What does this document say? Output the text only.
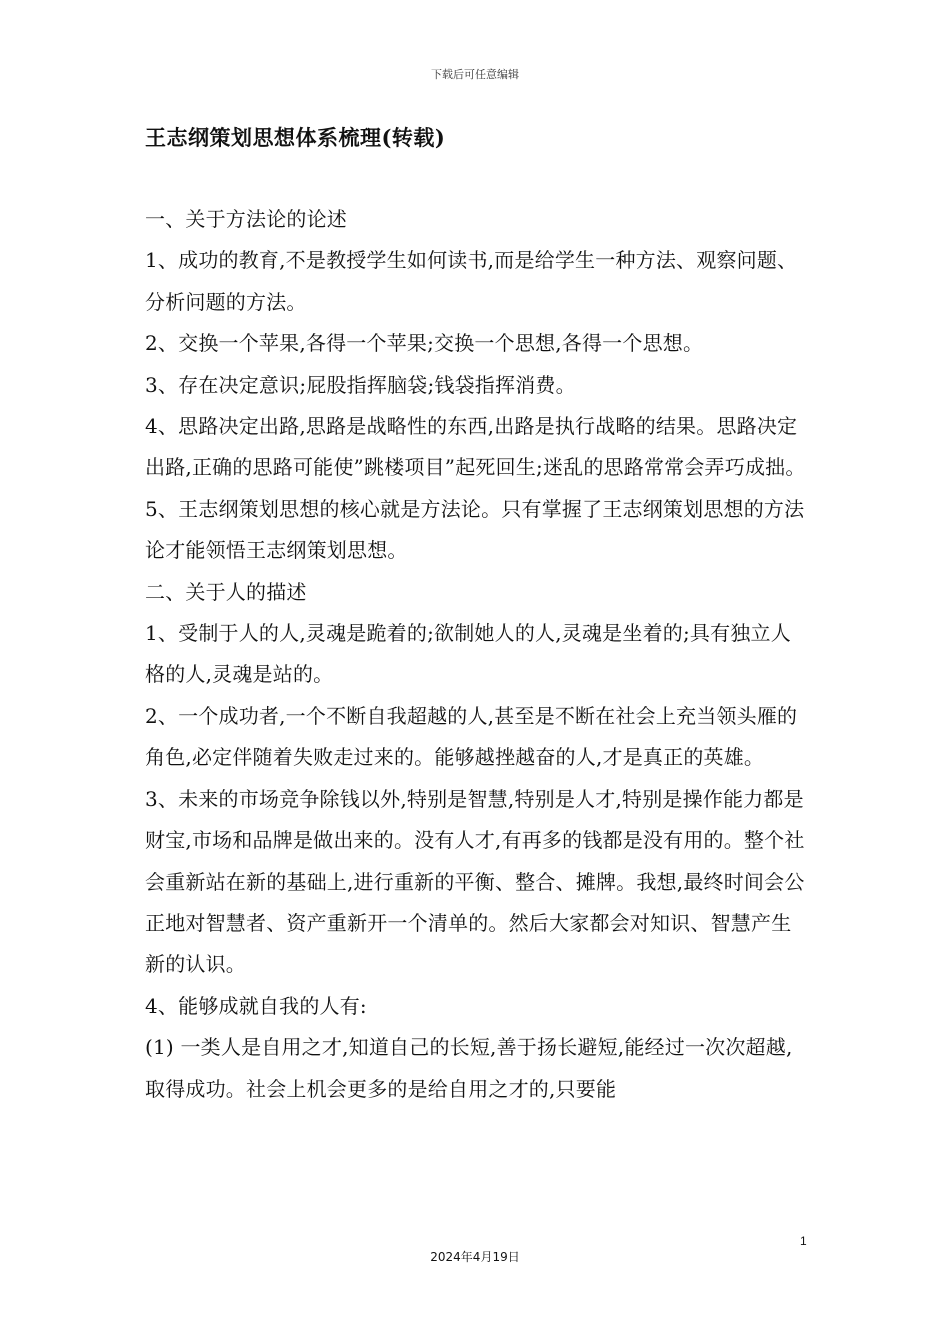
下载后可任意编辑
王志纲策划思想体系梳理(转载)

一、关于方法论的论述

1、成功的教育,不是教授学生如何读书,而是给学生一种方法、观察问题、分析问题的方法。

2、交换一个苹果,各得一个苹果;交换一个思想,各得一个思想。

3、存在决定意识;屁股指挥脑袋;钱袋指挥消费。

4、思路决定出路,思路是战略性的东西,出路是执行战略的结果。思路决定出路,正确的思路可能使”跳楼项目”起死回生;迷乱的思路常常会弄巧成拙。

5、王志纲策划思想的核心就是方法论。只有掌握了王志纲策划思想的方法论才能领悟王志纲策划思想。

二、关于人的描述

1、受制于人的人,灵魂是跪着的;欲制她人的人,灵魂是坐着的;具有独立人格的人,灵魂是站的。

2、一个成功者,一个不断自我超越的人,甚至是不断在社会上充当领头雁的角色,必定伴随着失败走过来的。能够越挫越奋的人,才是真正的英雄。

3、未来的市场竞争除钱以外,特别是智慧,特别是人才,特别是操作能力都是财宝,市场和品牌是做出来的。没有人才,有再多的钱都是没有用的。整个社会重新站在新的基础上,进行重新的平衡、整合、摊牌。我想,最终时间会公正地对智慧者、资产重新开一个清单的。然后大家都会对知识、智慧产生新的认识。

4、能够成就自我的人有:

(1) 一类人是自用之才,知道自己的长短,善于扬长避短,能经过一次次超越,取得成功。社会上机会更多的是给自用之才的,只要能

1
2024年4月19日
